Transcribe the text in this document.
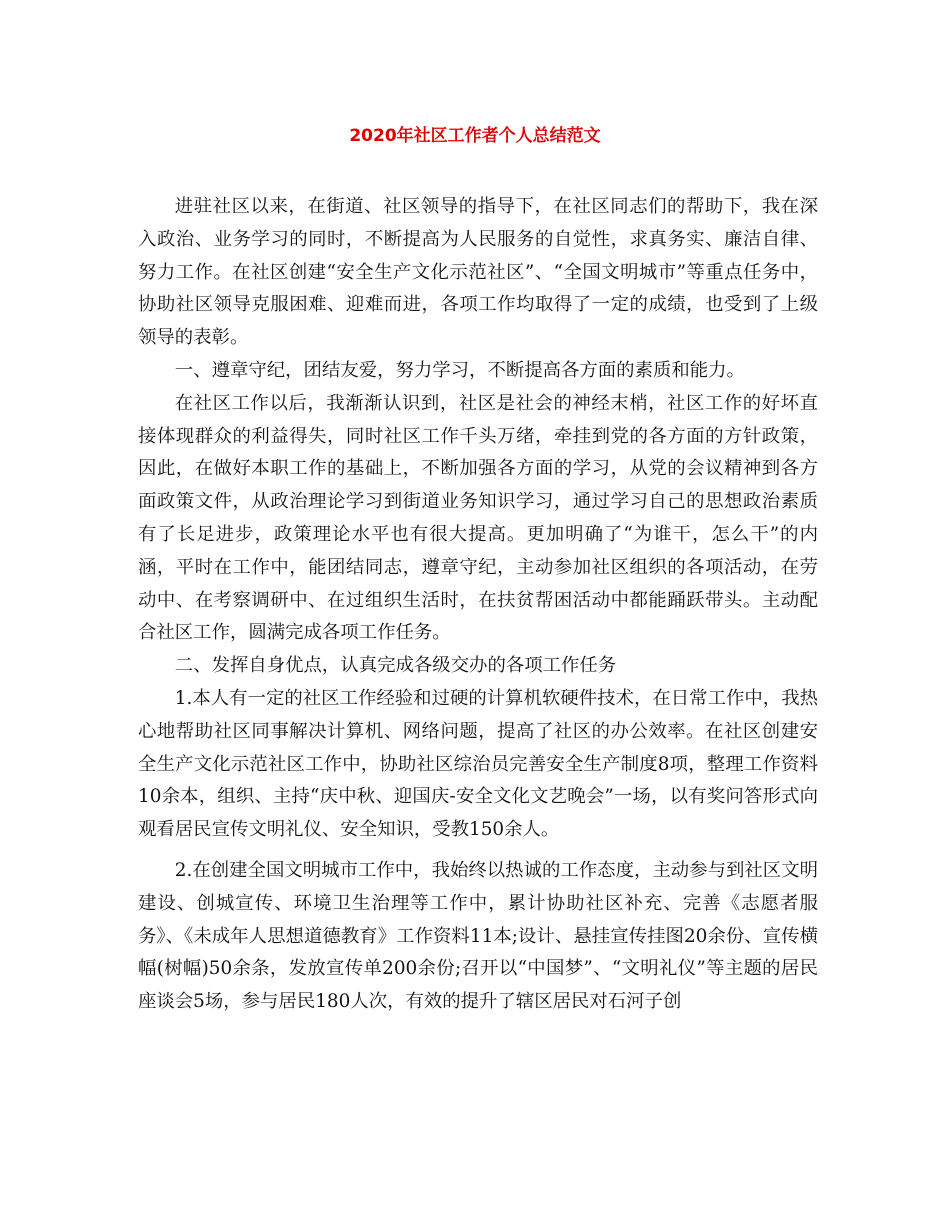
2020年社区工作者个人总结范文

进驻社区以来，在街道、社区领导的指导下，在社区同志们的帮助下，我在深入政治、业务学习的同时，不断提高为人民服务的自觉性，求真务实、廉洁自律、努力工作。在社区创建“安全生产文化示范社区”、“全国文明城市”等重点任务中，协助社区领导克服困难、迎难而进，各项工作均取得了一定的成绩，也受到了上级领导的表彰。

一、遵章守纪，团结友爱，努力学习，不断提高各方面的素质和能力。

在社区工作以后，我渐渐认识到，社区是社会的神经末梢，社区工作的好坏直接体现群众的利益得失，同时社区工作千头万绪，牵挂到党的各方面的方针政策，因此，在做好本职工作的基础上，不断加强各方面的学习，从党的会议精神到各方面政策文件，从政治理论学习到街道业务知识学习，通过学习自己的思想政治素质有了长足进步，政策理论水平也有很大提高。更加明确了“为谁干，怎么干”的内涵，平时在工作中，能团结同志，遵章守纪，主动参加社区组织的各项活动，在劳动中、在考察调研中、在过组织生活时，在扶贫帮困活动中都能踊跃带头。主动配合社区工作，圆满完成各项工作任务。

二、发挥自身优点，认真完成各级交办的各项工作任务

1.本人有一定的社区工作经验和过硬的计算机软硬件技术，在日常工作中，我热心地帮助社区同事解决计算机、网络问题，提高了社区的办公效率。在社区创建安全生产文化示范社区工作中，协助社区综治员完善安全生产制度8项，整理工作资料10余本，组织、主持“庆中秋、迎国庆-安全文化文艺晚会”一场，以有奖问答形式向观看居民宣传文明礼仪、安全知识，受教150余人。

2.在创建全国文明城市工作中，我始终以热诚的工作态度，主动参与到社区文明建设、创城宣传、环境卫生治理等工作中，累计协助社区补充、完善《志愿者服务》、《未成年人思想道德教育》工作资料11本;设计、悬挂宣传挂图20余份、宣传横幅(树幅)50余条，发放宣传单200余份;召开以“中国梦”、“文明礼仪”等主题的居民座谈会5场，参与居民180人次，有效的提升了辖区居民对石河子创
